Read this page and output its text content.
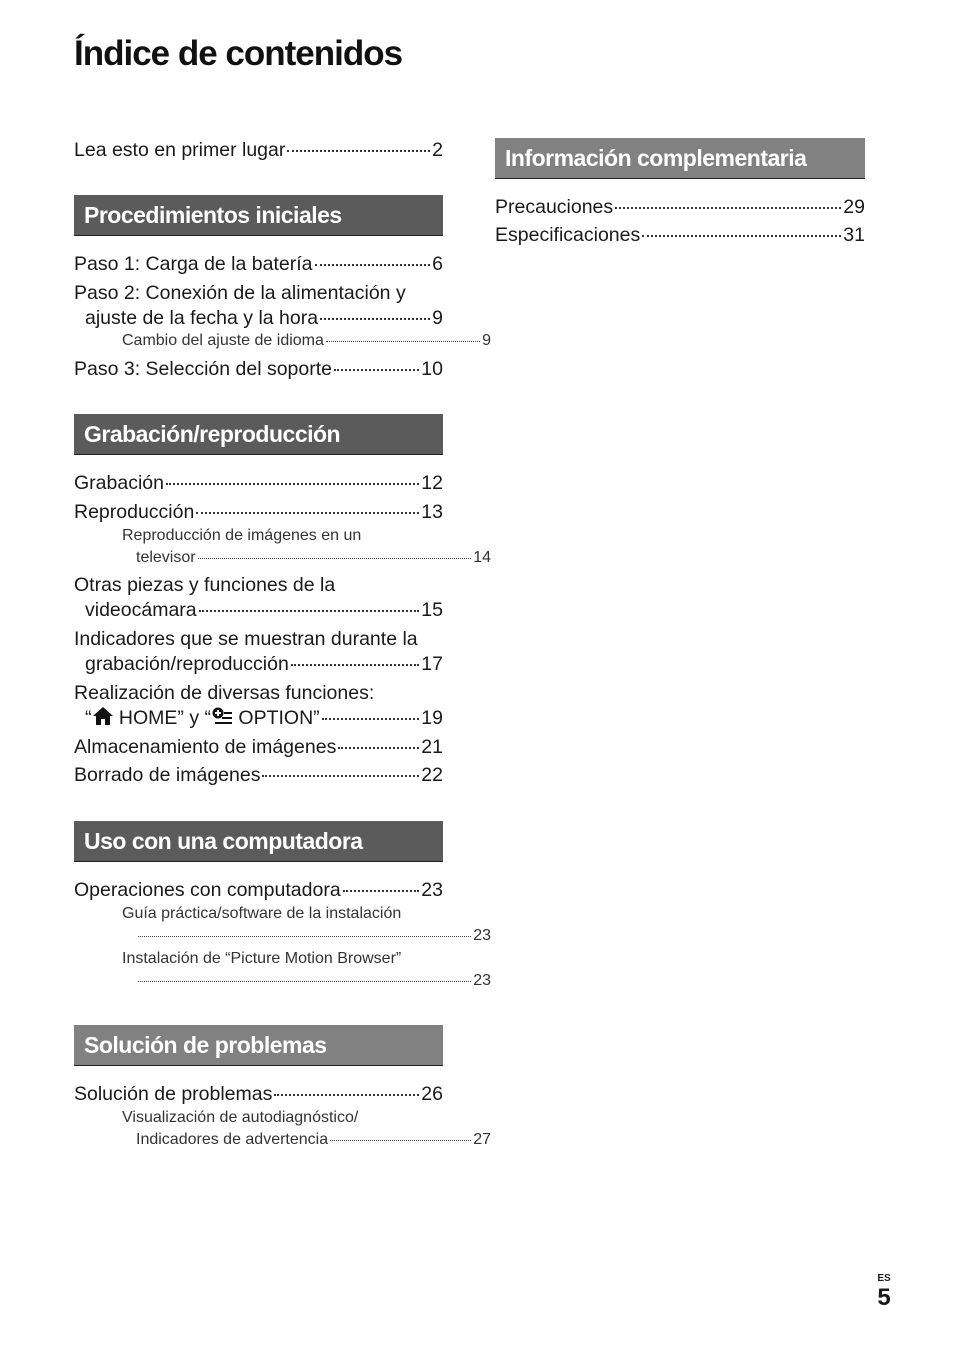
Índice de contenidos
Lea esto en primer lugar	2
Procedimientos iniciales
Paso 1: Carga de la batería	6
Paso 2: Conexión de la alimentación y
ajuste de la fecha y la hora	9
Cambio del ajuste de idioma	9
Paso 3: Selección del soporte	10
Grabación/reproducción
Grabación	12
Reproducción	13
Reproducción de imágenes en un
televisor	14
Otras piezas y funciones de la
videocámara	15
Indicadores que se muestran durante la
grabación/reproducción	17
Realización de diversas funciones:
“ HOME” y “ OPTION”	19
Almacenamiento de imágenes	21
Borrado de imágenes	22
Uso con una computadora
Operaciones con computadora	23
Guía práctica/software de la instalación
23
Instalación de “Picture Motion Browser”
23
Solución de problemas
Solución de problemas	26
Visualización de autodiagnóstico/
Indicadores de advertencia	27
Información complementaria
Precauciones	29
Especificaciones	31
ES
5
